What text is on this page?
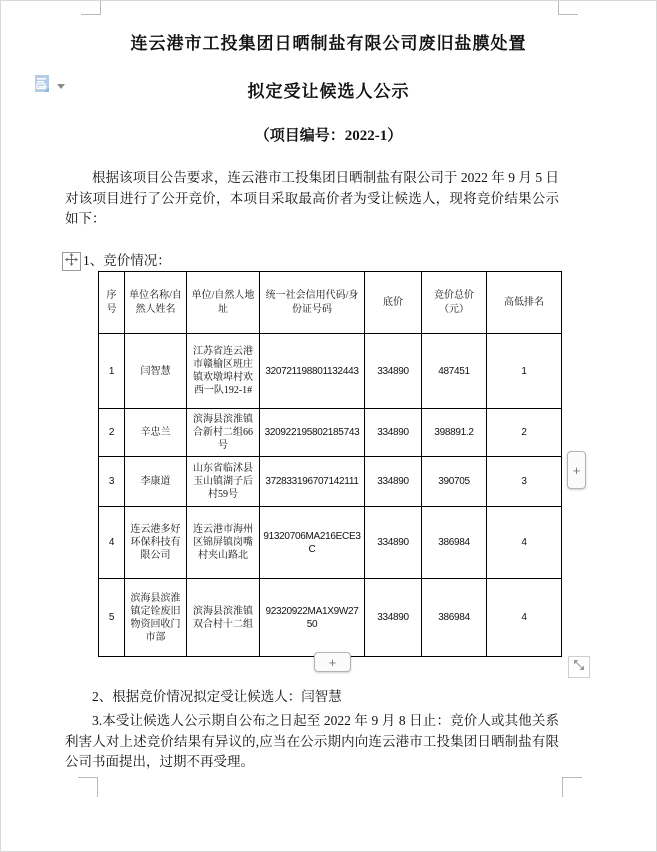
连云港市工投集团日晒制盐有限公司废旧盐膜处置
拟定受让候选人公示
（项目编号：2022-1）
根据该项目公告要求，连云港市工投集团日晒制盐有限公司于 2022 年 9 月 5 日对该项目进行了公开竞价，本项目采取最高价者为受让候选人，现将竞价结果公示如下：
1、竞价情况：
序号	单位名称/自然人姓名	单位/自然人地址	统一社会信用代码/身份证号码	底价	竞价总价（元）	高低排名
1	闫智慧	江苏省连云港市赣榆区班庄镇欢墩埠村欢西一队192-1#	320721198801132443	334890	487451	1
2	辛忠兰	滨海县滨淮镇合新村二组66号	320922195802185743	334890	398891.2	2
3	李康道	山东省临沭县玉山镇湖子后村59号	372833196707142111	334890	390705	3
4	连云港多好环保科技有限公司	连云港市海州区锦屏镇岗嘴村夹山路北	91320706MA216ECE3C	334890	386984	4
5	滨海县滨淮镇定铨废旧物资回收门市部	滨海县滨淮镇双合村十二组	92320922MA1X9W2750	334890	386984	4
+
+
2、根据竞价情况拟定受让候选人：闫智慧
3.本受让候选人公示期自公布之日起至 2022 年 9 月 8 日止：竞价人或其他关系利害人对上述竞价结果有异议的,应当在公示期内向连云港市工投集团日晒制盐有限公司书面提出，过期不再受理。
